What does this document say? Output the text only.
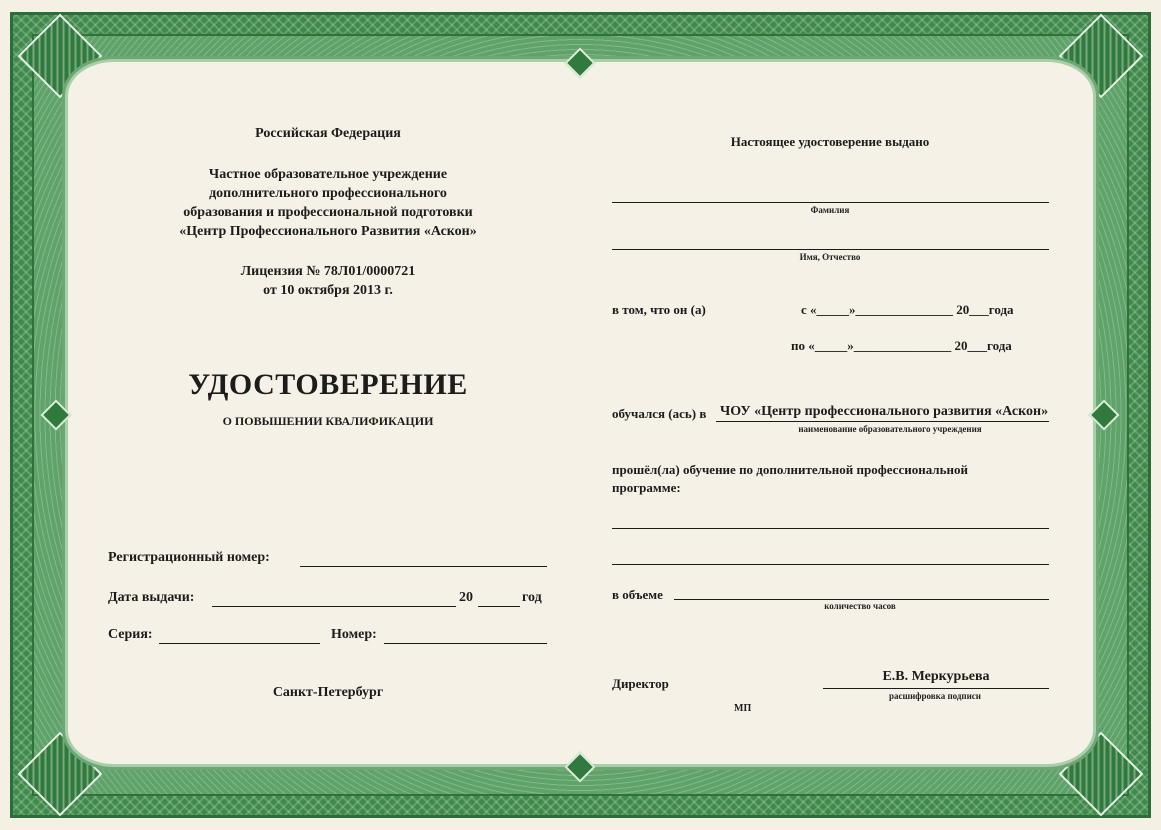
Российская Федерация
Частное образовательное учреждение
дополнительного профессионального
образования и профессиональной подготовки
«Центр Профессионального Развития «Аскон»
Лицензия № 78Л01/0000721
от 10 октября 2013 г.
УДОСТОВЕРЕНИЕ
О ПОВЫШЕНИИ КВАЛИФИКАЦИИ
Регистрационный номер:
Дата выдачи:	20	год
Серия:	Номер:
Санкт-Петербург
Настоящее удостоверение выдано
Фамилия
Имя, Отчество
в том, что он (а)	с «_____»_______________ 20___года
по «_____»_______________ 20___года
обучался (ась) в ЧОУ «Центр профессионального развития «Аскон»
наименование образовательного учреждения
прошёл(ла) обучение по дополнительной профессиональной
программе:
в объеме
количество часов
Директор	Е.В. Меркурьева
расшифровка подписи
МП
